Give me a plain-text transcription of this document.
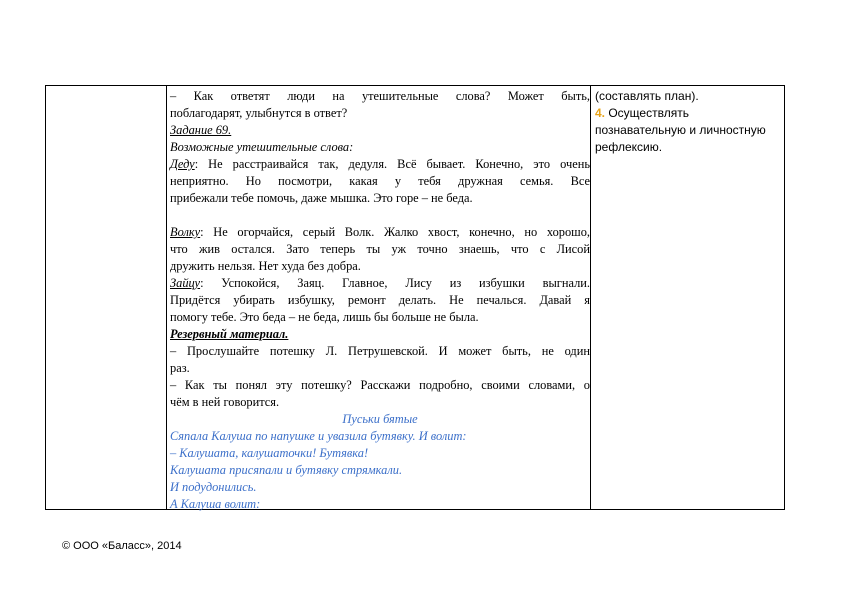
– Как ответят люди на утешительные слова? Может быть,
поблагодарят, улыбнутся в ответ?
Задание 69.
Возможные утешительные слова:
Деду: Не расстраивайся так, дедуля. Всё бывает. Конечно, это очень
неприятно. Но посмотри, какая у тебя дружная семья. Все
прибежали тебе помочь, даже мышка. Это горе – не беда.
Волку: Не огорчайся, серый Волк. Жалко хвост, конечно, но хорошо,
что жив остался. Зато теперь ты уж точно знаешь, что с Лисой
дружить нельзя. Нет худа без добра.
Зайцу: Успокойся, Заяц. Главное, Лису из избушки выгнали.
Придётся убирать избушку, ремонт делать. Не печалься. Давай я
помогу тебе. Это беда – не беда, лишь бы больше не была.
Резервный материал.
– Прослушайте потешку Л. Петрушевской. И может быть, не один
раз.
– Как ты понял эту потешку? Расскажи подробно, своими словами, о
чём в ней говорится.
Пуськи бятые
Сяпала Калуша по напушке и увазила бутявку. И волит:
– Калушата, калушаточки! Бутявка!
Калушата присяпали и бутявку стрямкали.
И подудонились.
А Калуша волит:
(составлять план).
4. Осуществлять
познавательную и личностную
рефлексию.
© ООО «Баласс», 2014
